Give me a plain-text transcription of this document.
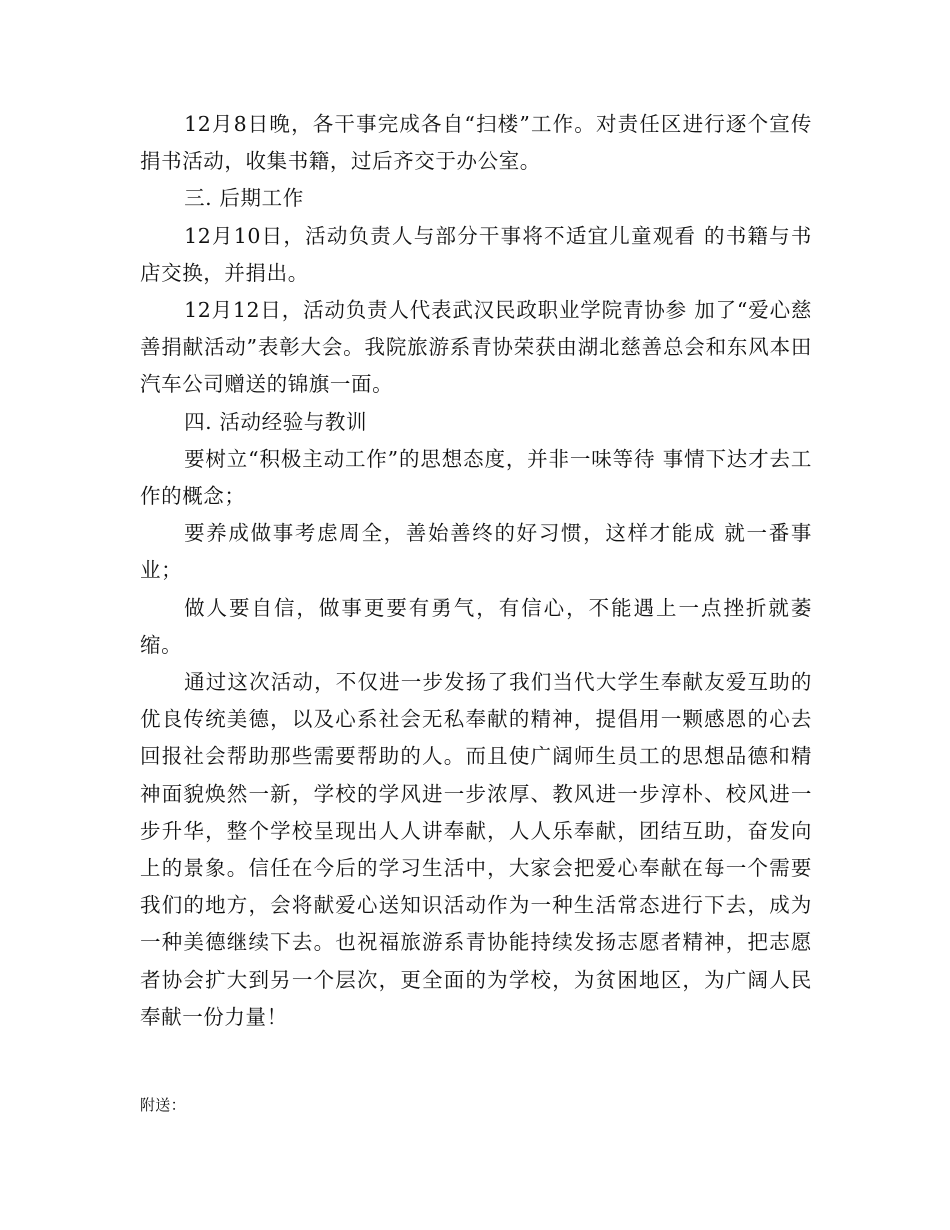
12月8日晚，各干事完成各自“扫楼”工作。对责任区进行逐个宣传捐书活动，收集书籍，过后齐交于办公室。

三. 后期工作

12月10日，活动负责人与部分干事将不适宜儿童观看 的书籍与书店交换，并捐出。

12月12日，活动负责人代表武汉民政职业学院青协参 加了“爱心慈善捐献活动”表彰大会。我院旅游系青协荣获由湖北慈善总会和东风本田汽车公司赠送的锦旗一面。

四. 活动经验与教训

要树立“积极主动工作”的思想态度，并非一味等待 事情下达才去工作的概念；

要养成做事考虑周全，善始善终的好习惯，这样才能成 就一番事业；

做人要自信，做事更要有勇气，有信心，不能遇上一点挫折就萎缩。

通过这次活动，不仅进一步发扬了我们当代大学生奉献友爱互助的优良传统美德，以及心系社会无私奉献的精神，提倡用一颗感恩的心去回报社会帮助那些需要帮助的人。而且使广阔师生员工的思想品德和精神面貌焕然一新，学校的学风进一步浓厚、教风进一步淳朴、校风进一步升华，整个学校呈现出人人讲奉献，人人乐奉献，团结互助，奋发向上的景象。信任在今后的学习生活中，大家会把爱心奉献在每一个需要我们的地方，会将献爱心送知识活动作为一种生活常态进行下去，成为一种美德继续下去。也祝福旅游系青协能持续发扬志愿者精神，把志愿者协会扩大到另一个层次，更全面的为学校，为贫困地区，为广阔人民奉献一份力量！

附送：
